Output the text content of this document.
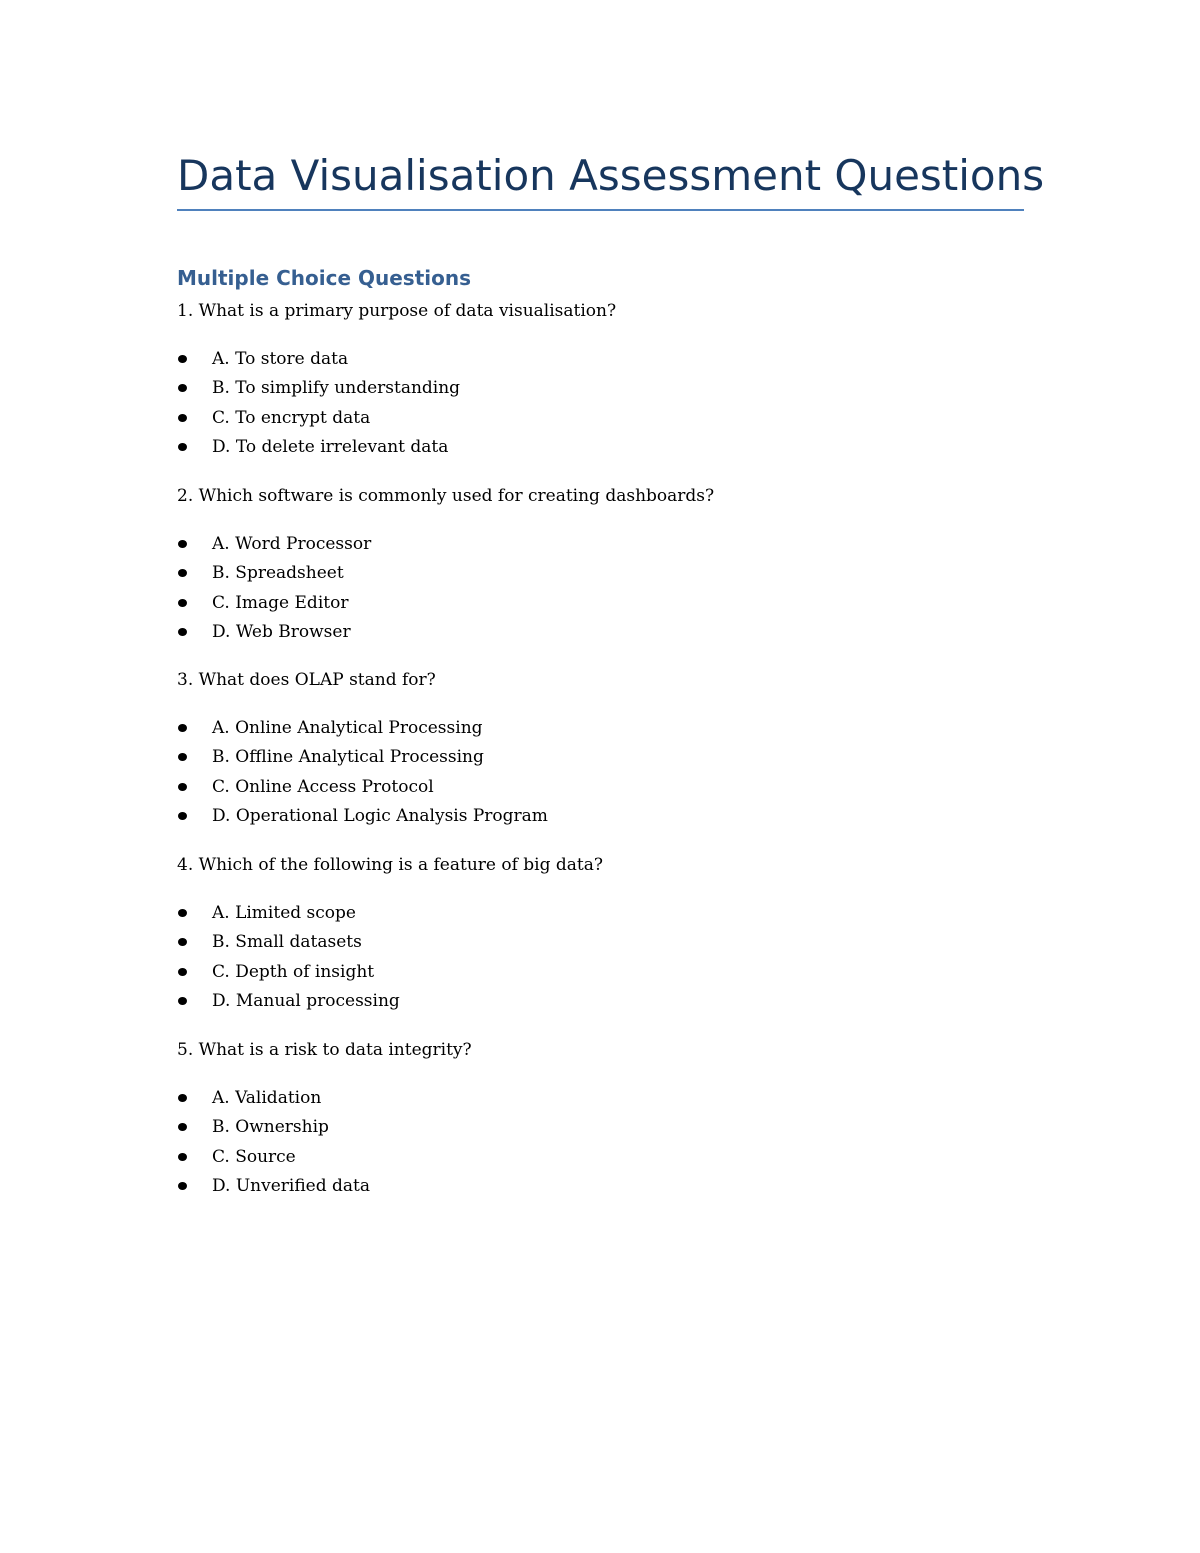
Data Visualisation Assessment Questions
Multiple Choice Questions

1. What is a primary purpose of data visualisation?

A. To store data
B. To simplify understanding
C. To encrypt data
D. To delete irrelevant data

2. Which software is commonly used for creating dashboards?

A. Word Processor
B. Spreadsheet
C. Image Editor
D. Web Browser

3. What does OLAP stand for?

A. Online Analytical Processing
B. Offline Analytical Processing
C. Online Access Protocol
D. Operational Logic Analysis Program

4. Which of the following is a feature of big data?

A. Limited scope
B. Small datasets
C. Depth of insight
D. Manual processing

5. What is a risk to data integrity?

A. Validation
B. Ownership
C. Source
D. Unverified data
